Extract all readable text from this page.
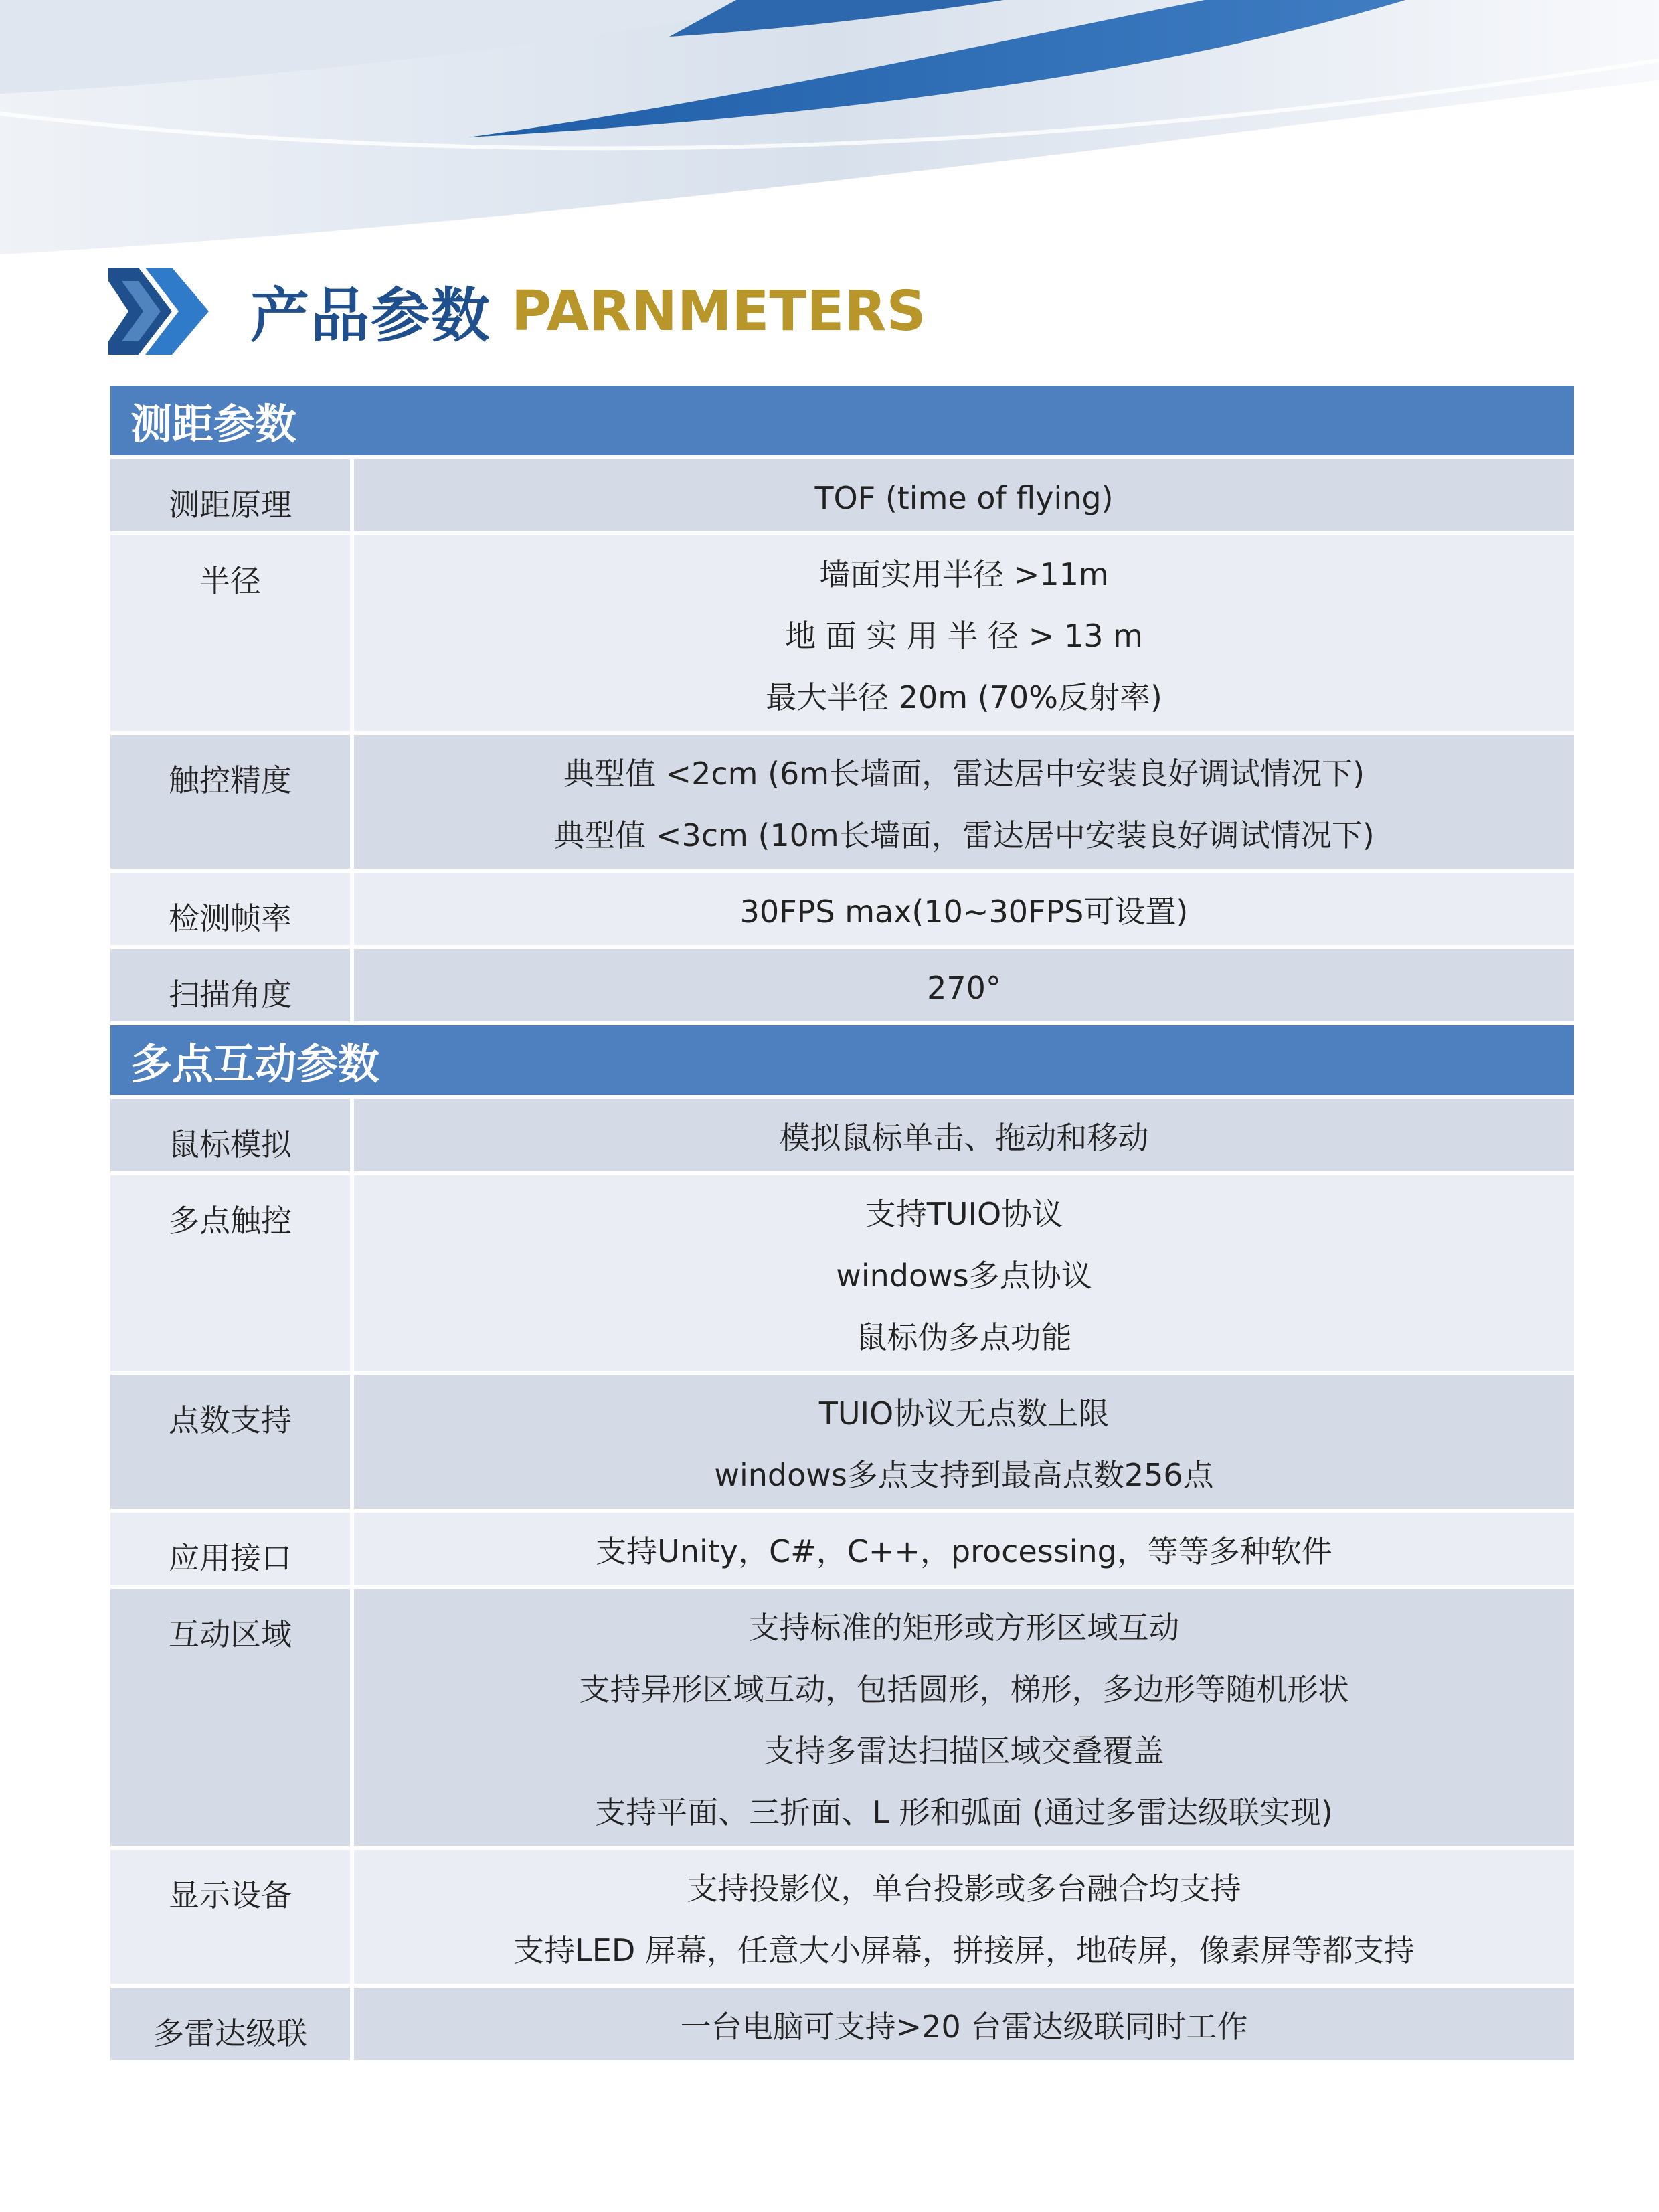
产品参数 PARNMETERS
测距参数
测距原理	TOF (time of flying)
半径	墙面实用半径 >11m
地 面 实 用 半 径 > 13 m
最大半径 20m (70%反射率)
触控精度	典型值 <2cm (6m长墙面，雷达居中安装良好调试情况下)
典型值 <3cm (10m长墙面，雷达居中安装良好调试情况下)
检测帧率	30FPS max(10~30FPS可设置)
扫描角度	270°
多点互动参数
鼠标模拟	模拟鼠标单击、拖动和移动
多点触控	支持TUIO协议
windows多点协议
鼠标伪多点功能
点数支持	TUIO协议无点数上限
windows多点支持到最高点数256点
应用接口	支持Unity，C#，C++，processing，等等多种软件
互动区域	支持标准的矩形或方形区域互动
支持异形区域互动，包括圆形，梯形，多边形等随机形状
支持多雷达扫描区域交叠覆盖
支持平面、三折面、L 形和弧面 (通过多雷达级联实现)
显示设备	支持投影仪，单台投影或多台融合均支持
支持LED 屏幕，任意大小屏幕，拼接屏，地砖屏，像素屏等都支持
多雷达级联	一台电脑可支持>20 台雷达级联同时工作
